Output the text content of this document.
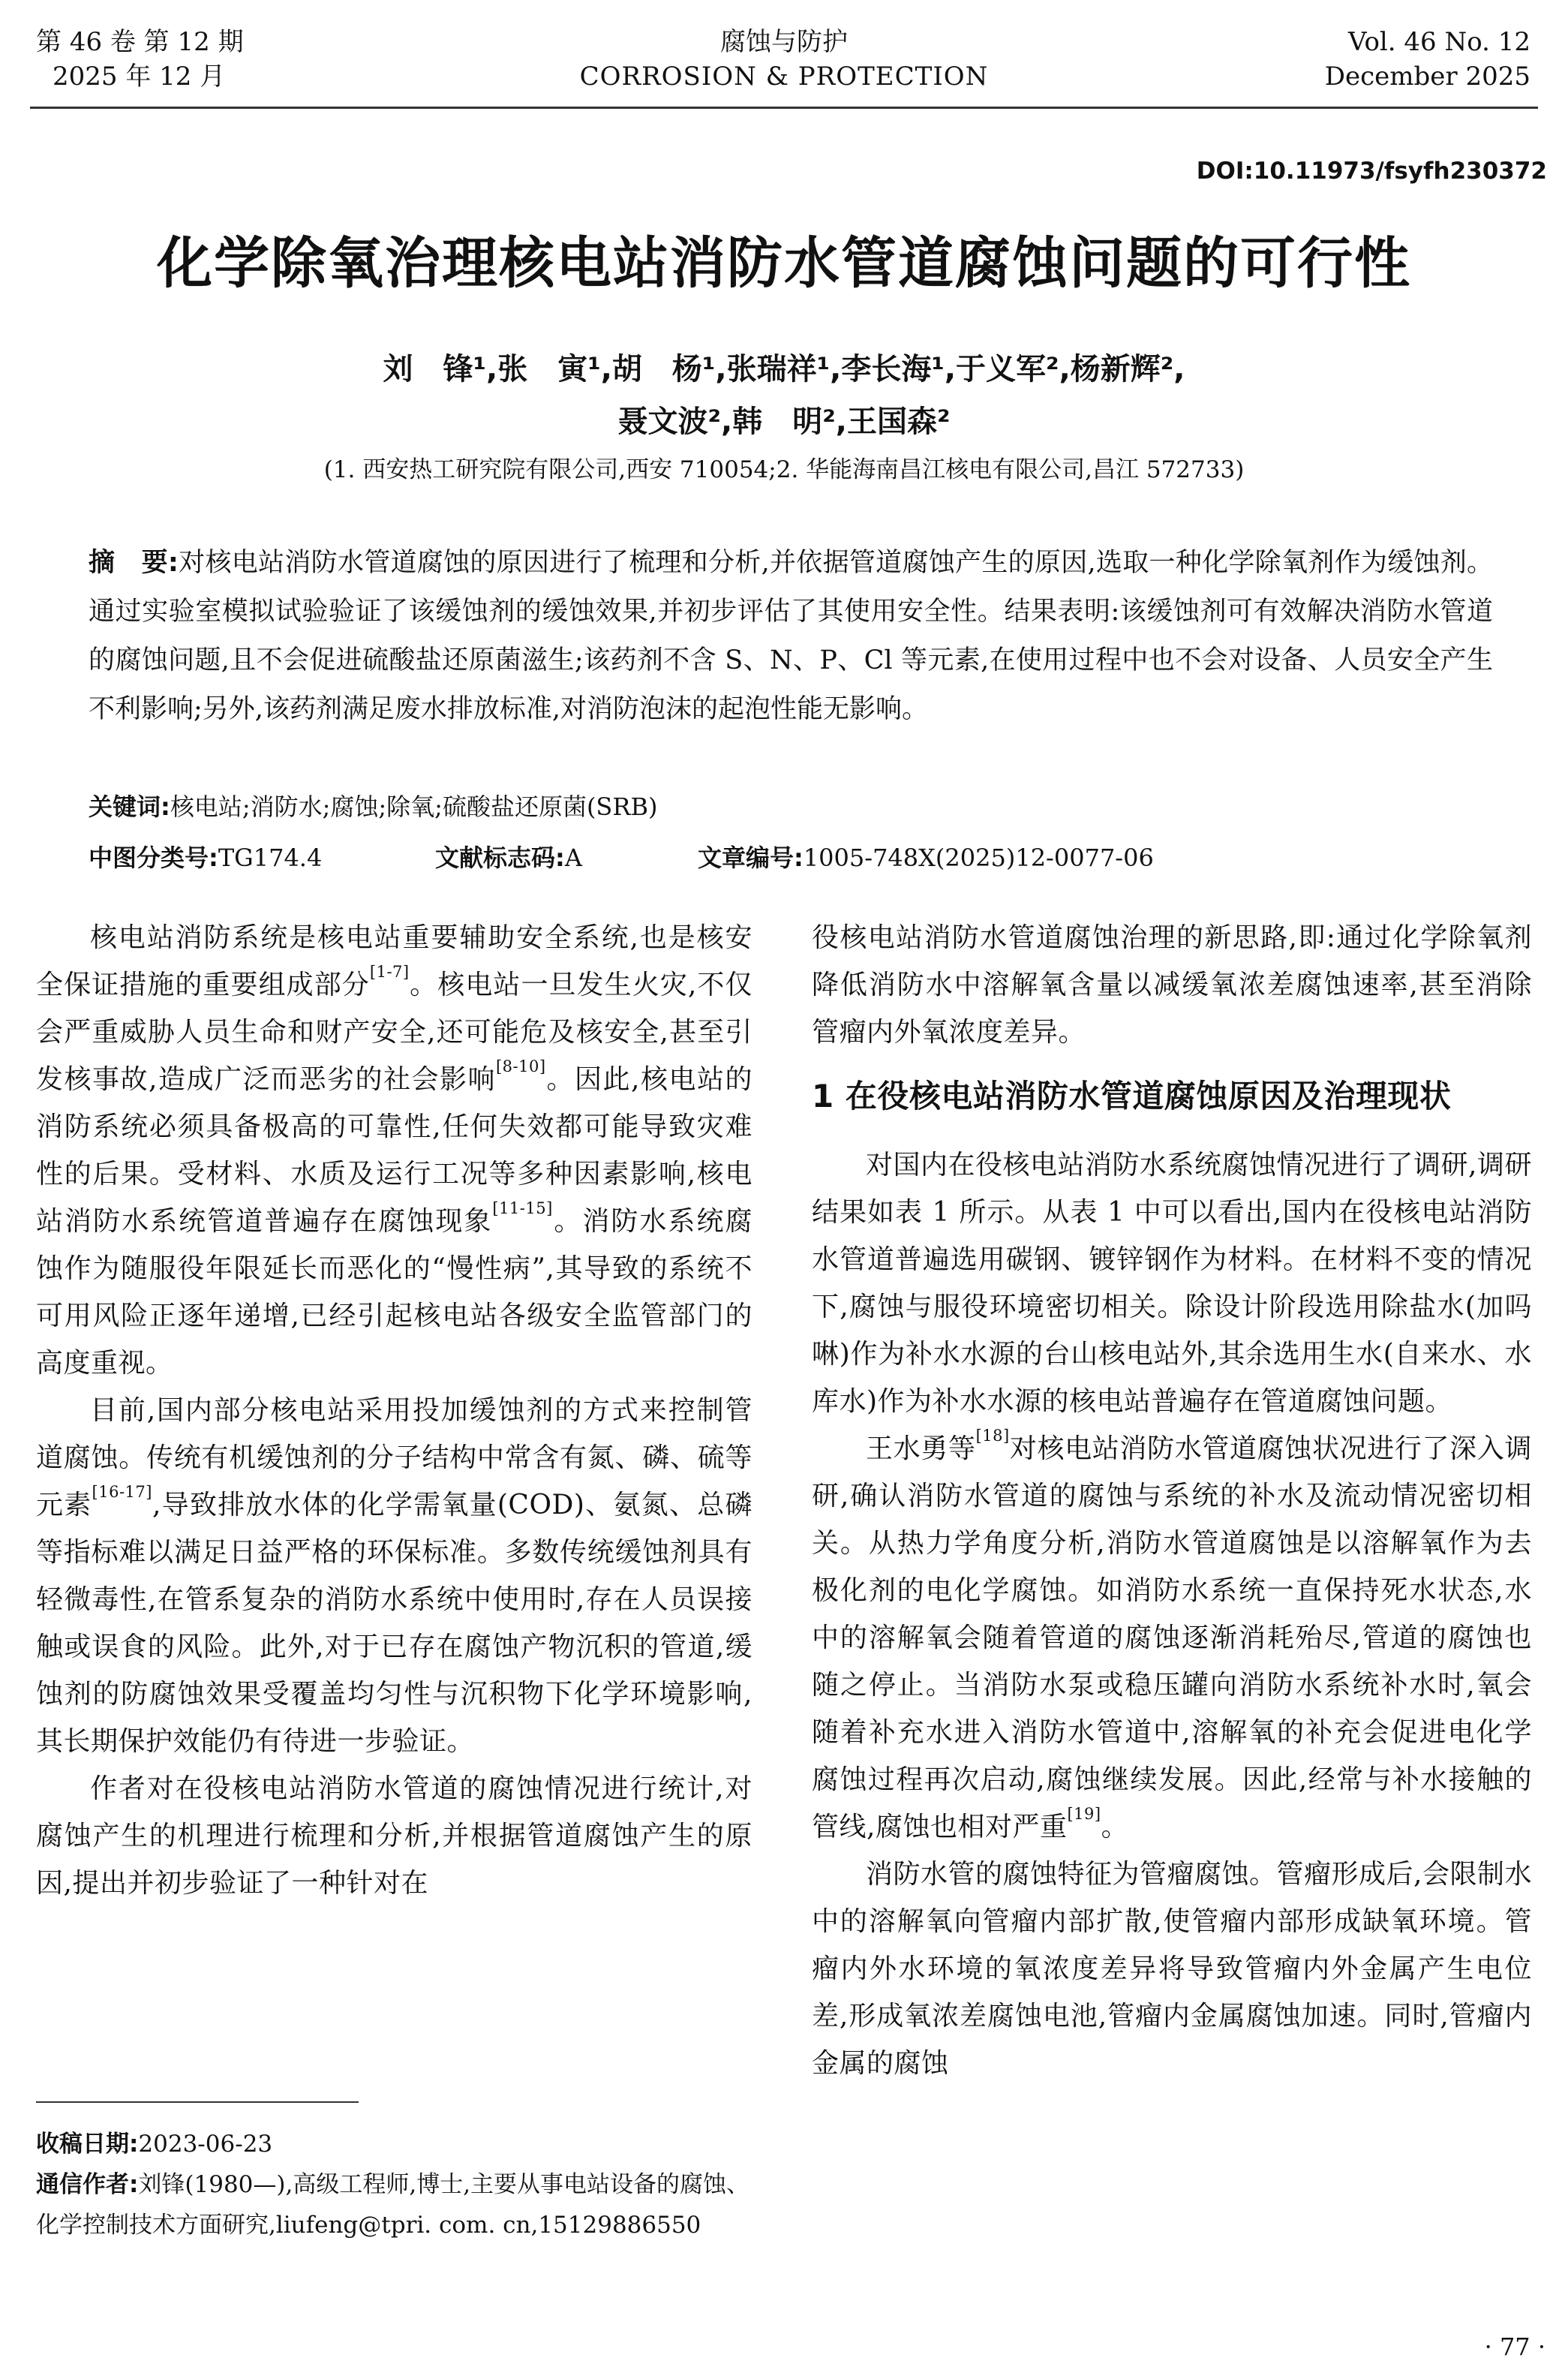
第 46 卷 第 12 期
2025 年 12 月
腐蚀与防护
CORROSION & PROTECTION
Vol. 46 No. 12
December 2025
DOI:10.11973/fsyfh230372
化学除氧治理核电站消防水管道腐蚀问题的可行性
刘　锋¹,张　寅¹,胡　杨¹,张瑞祥¹,李长海¹,于义军²,杨新辉²,
聂文波²,韩　明²,王国森²
(1. 西安热工研究院有限公司,西安 710054;2. 华能海南昌江核电有限公司,昌江 572733)
摘　要:对核电站消防水管道腐蚀的原因进行了梳理和分析,并依据管道腐蚀产生的原因,选取一种化学除氧剂作为缓蚀剂。通过实验室模拟试验验证了该缓蚀剂的缓蚀效果,并初步评估了其使用安全性。结果表明:该缓蚀剂可有效解决消防水管道的腐蚀问题,且不会促进硫酸盐还原菌滋生;该药剂不含 S、N、P、Cl 等元素,在使用过程中也不会对设备、人员安全产生不利影响;另外,该药剂满足废水排放标准,对消防泡沫的起泡性能无影响。
关键词:核电站;消防水;腐蚀;除氧;硫酸盐还原菌(SRB)
中图分类号:TG174.4	文献标志码:A	文章编号:1005-748X(2025)12-0077-06

核电站消防系统是核电站重要辅助安全系统,也是核安全保证措施的重要组成部分[1-7]。核电站一旦发生火灾,不仅会严重威胁人员生命和财产安全,还可能危及核安全,甚至引发核事故,造成广泛而恶劣的社会影响[8-10]。因此,核电站的消防系统必须具备极高的可靠性,任何失效都可能导致灾难性的后果。受材料、水质及运行工况等多种因素影响,核电站消防水系统管道普遍存在腐蚀现象[11-15]。消防水系统腐蚀作为随服役年限延长而恶化的“慢性病”,其导致的系统不可用风险正逐年递增,已经引起核电站各级安全监管部门的高度重视。

目前,国内部分核电站采用投加缓蚀剂的方式来控制管道腐蚀。传统有机缓蚀剂的分子结构中常含有氮、磷、硫等元素[16-17],导致排放水体的化学需氧量(COD)、氨氮、总磷等指标难以满足日益严格的环保标准。多数传统缓蚀剂具有轻微毒性,在管系复杂的消防水系统中使用时,存在人员误接触或误食的风险。此外,对于已存在腐蚀产物沉积的管道,缓蚀剂的防腐蚀效果受覆盖均匀性与沉积物下化学环境影响,其长期保护效能仍有待进一步验证。

作者对在役核电站消防水管道的腐蚀情况进行统计,对腐蚀产生的机理进行梳理和分析,并根据管道腐蚀产生的原因,提出并初步验证了一种针对在

收稿日期:2023-06-23
通信作者:刘锋(1980—),高级工程师,博士,主要从事电站设备的腐蚀、化学控制技术方面研究,liufeng@tpri. com. cn,15129886550

役核电站消防水管道腐蚀治理的新思路,即:通过化学除氧剂降低消防水中溶解氧含量以减缓氧浓差腐蚀速率,甚至消除管瘤内外氧浓度差异。

1 在役核电站消防水管道腐蚀原因及治理现状

对国内在役核电站消防水系统腐蚀情况进行了调研,调研结果如表 1 所示。从表 1 中可以看出,国内在役核电站消防水管道普遍选用碳钢、镀锌钢作为材料。在材料不变的情况下,腐蚀与服役环境密切相关。除设计阶段选用除盐水(加吗啉)作为补水水源的台山核电站外,其余选用生水(自来水、水库水)作为补水水源的核电站普遍存在管道腐蚀问题。

王水勇等[18]对核电站消防水管道腐蚀状况进行了深入调研,确认消防水管道的腐蚀与系统的补水及流动情况密切相关。从热力学角度分析,消防水管道腐蚀是以溶解氧作为去极化剂的电化学腐蚀。如消防水系统一直保持死水状态,水中的溶解氧会随着管道的腐蚀逐渐消耗殆尽,管道的腐蚀也随之停止。当消防水泵或稳压罐向消防水系统补水时,氧会随着补充水进入消防水管道中,溶解氧的补充会促进电化学腐蚀过程再次启动,腐蚀继续发展。因此,经常与补水接触的管线,腐蚀也相对严重[19]。

消防水管的腐蚀特征为管瘤腐蚀。管瘤形成后,会限制水中的溶解氧向管瘤内部扩散,使管瘤内部形成缺氧环境。管瘤内外水环境的氧浓度差异将导致管瘤内外金属产生电位差,形成氧浓差腐蚀电池,管瘤内金属腐蚀加速。同时,管瘤内金属的腐蚀

· 77 ·
